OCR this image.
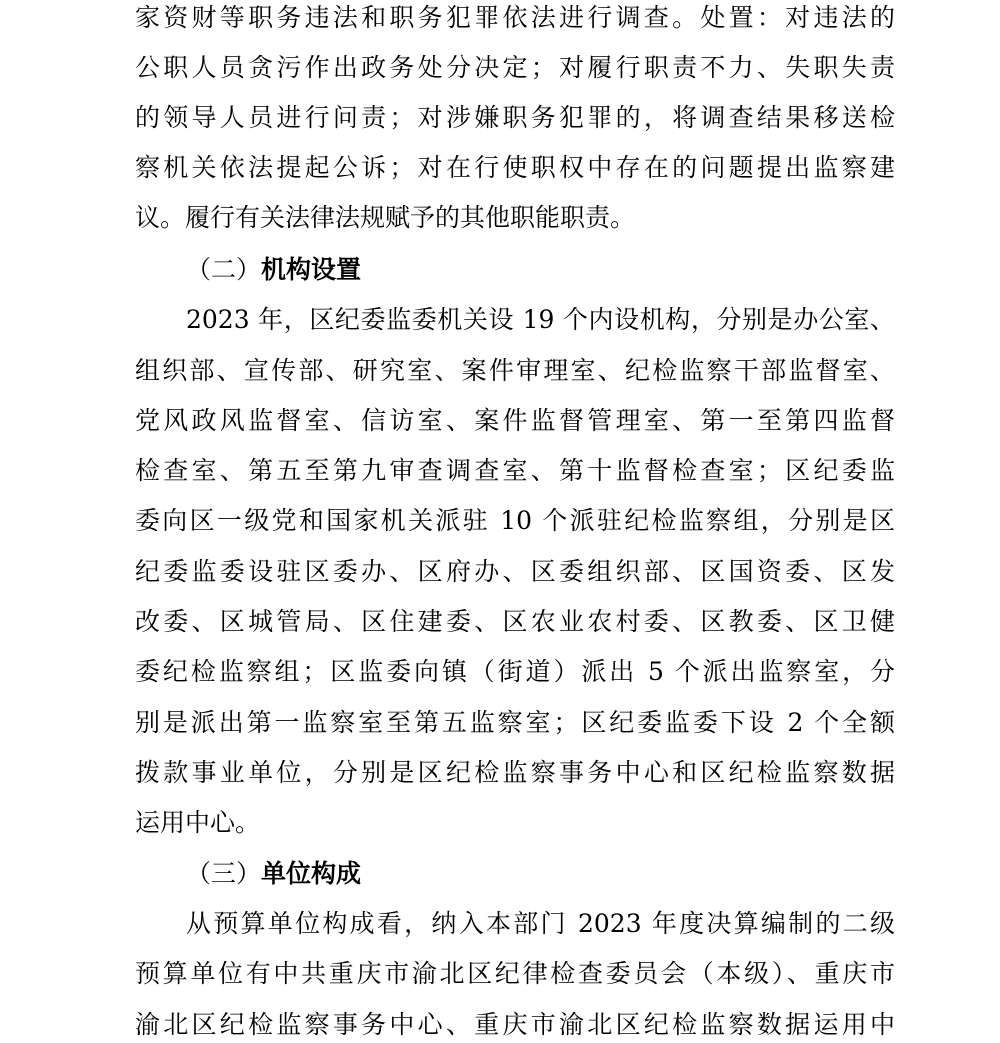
家资财等职务违法和职务犯罪依法进行调查。处置：对违法的
公职人员贪污作出政务处分决定；对履行职责不力、失职失责
的领导人员进行问责；对涉嫌职务犯罪的，将调查结果移送检
察机关依法提起公诉；对在行使职权中存在的问题提出监察建
议。履行有关法律法规赋予的其他职能职责。
（二）机构设置
2023 年，区纪委监委机关设 19 个内设机构，分别是办公室、
组织部、宣传部、研究室、案件审理室、纪检监察干部监督室、
党风政风监督室、信访室、案件监督管理室、第一至第四监督
检查室、第五至第九审查调查室、第十监督检查室；区纪委监
委向区一级党和国家机关派驻 10 个派驻纪检监察组，分别是区
纪委监委设驻区委办、区府办、区委组织部、区国资委、区发
改委、区城管局、区住建委、区农业农村委、区教委、区卫健
委纪检监察组；区监委向镇（街道）派出 5 个派出监察室，分
别是派出第一监察室至第五监察室；区纪委监委下设 2 个全额
拨款事业单位，分别是区纪检监察事务中心和区纪检监察数据
运用中心。
（三）单位构成
从预算单位构成看，纳入本部门 2023 年度决算编制的二级
预算单位有中共重庆市渝北区纪律检查委员会（本级）、重庆市
渝北区纪检监察事务中心、重庆市渝北区纪检监察数据运用中
